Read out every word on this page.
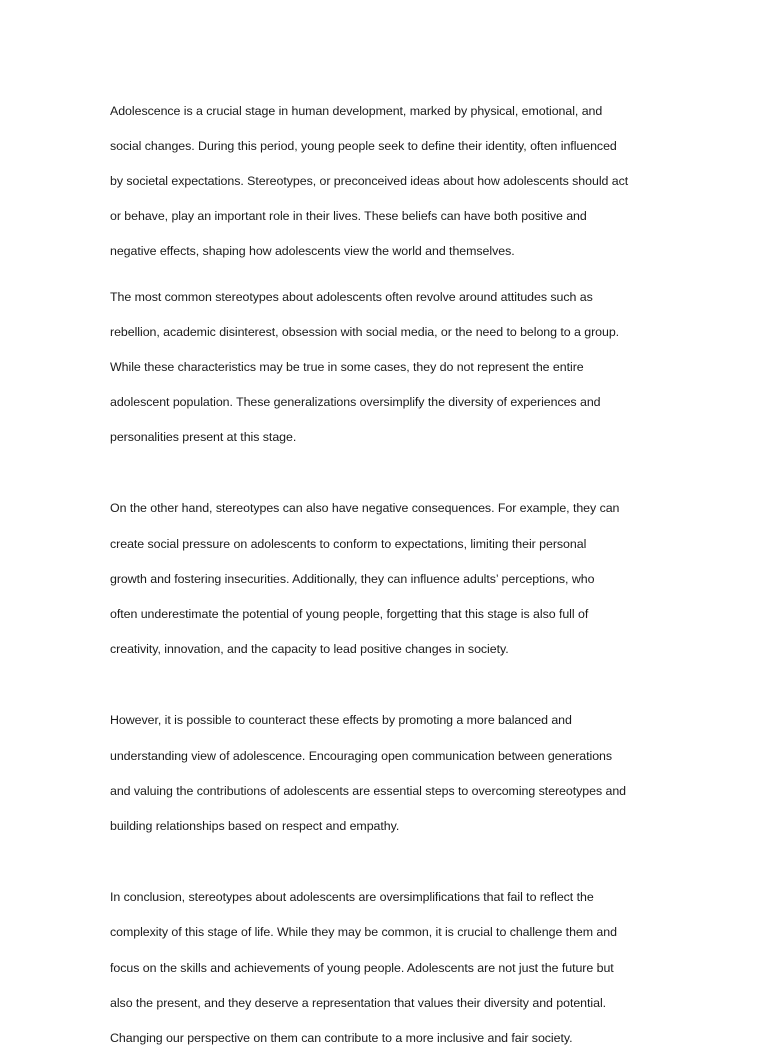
Adolescence is a crucial stage in human development, marked by physical, emotional, and

social changes. During this period, young people seek to define their identity, often influenced

by societal expectations. Stereotypes, or preconceived ideas about how adolescents should act

or behave, play an important role in their lives. These beliefs can have both positive and

negative effects, shaping how adolescents view the world and themselves.

The most common stereotypes about adolescents often revolve around attitudes such as

rebellion, academic disinterest, obsession with social media, or the need to belong to a group.

While these characteristics may be true in some cases, they do not represent the entire

adolescent population. These generalizations oversimplify the diversity of experiences and

personalities present at this stage.

On the other hand, stereotypes can also have negative consequences. For example, they can

create social pressure on adolescents to conform to expectations, limiting their personal

growth and fostering insecurities. Additionally, they can influence adults’ perceptions, who

often underestimate the potential of young people, forgetting that this stage is also full of

creativity, innovation, and the capacity to lead positive changes in society.

However, it is possible to counteract these effects by promoting a more balanced and

understanding view of adolescence. Encouraging open communication between generations

and valuing the contributions of adolescents are essential steps to overcoming stereotypes and

building relationships based on respect and empathy.

In conclusion, stereotypes about adolescents are oversimplifications that fail to reflect the

complexity of this stage of life. While they may be common, it is crucial to challenge them and

focus on the skills and achievements of young people. Adolescents are not just the future but

also the present, and they deserve a representation that values their diversity and potential.

Changing our perspective on them can contribute to a more inclusive and fair society.
